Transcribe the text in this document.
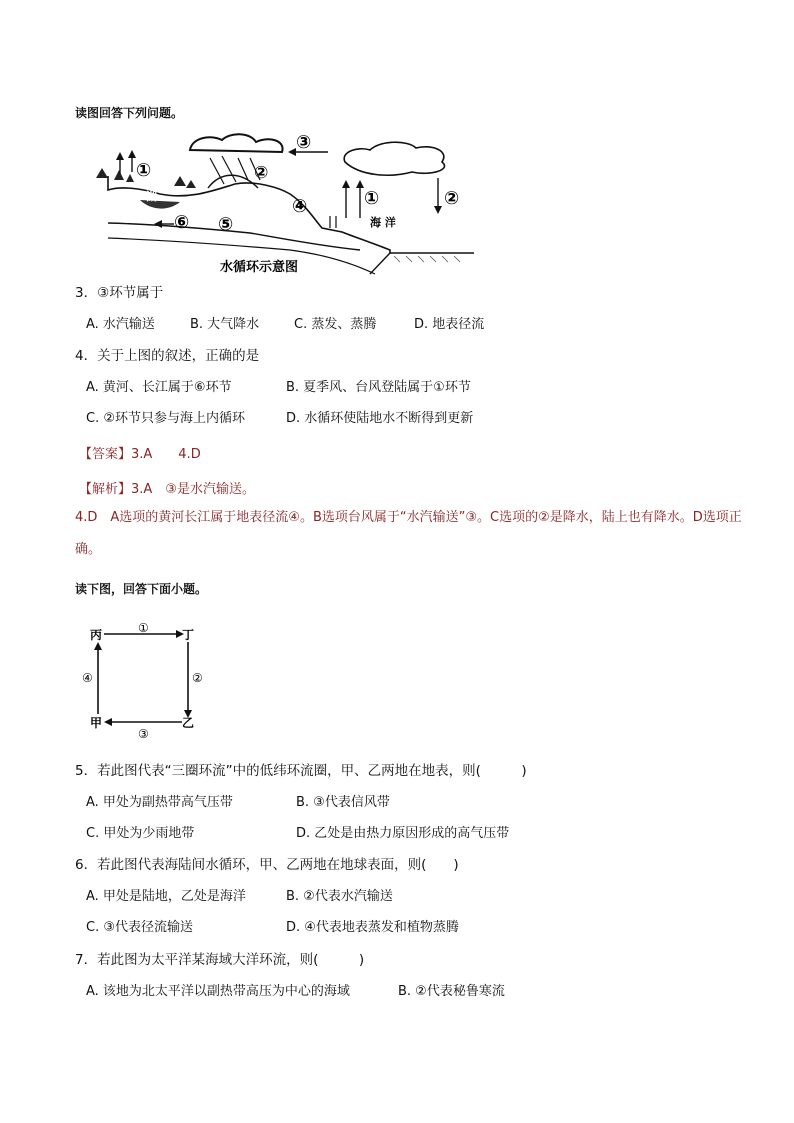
读图回答下列问题。
①	②
③
④
⑤
⑥
①	②
湖
海 洋
水循环示意图
3．③环节属于
A. 水汽输送	B. 大气降水	C. 蒸发、蒸腾	D. 地表径流
4．关于上图的叙述，正确的是
A. 黄河、长江属于⑥环节	B. 夏季风、台风登陆属于①环节
C. ②环节只参与海上内循环	D. 水循环使陆地水不断得到更新
【答案】3.A　　4.D
【解析】3.A　③是水汽输送。
4.D　A选项的黄河长江属于地表径流④。B选项台风属于“水汽输送”③。C选项的②是降水，陆上也有降水。D选项正确。
读下图，回答下面小题。
丙	丁
甲	乙
①
②
③
④
5．若此图代表“三圈环流”中的低纬环流圈，甲、乙两地在地表，则(　　　)
A. 甲处为副热带高气压带	B. ③代表信风带
C. 甲处为少雨地带	D. 乙处是由热力原因形成的高气压带
6．若此图代表海陆间水循环，甲、乙两地在地球表面，则(　　)
A. 甲处是陆地，乙处是海洋	B. ②代表水汽输送
C. ③代表径流输送	D. ④代表地表蒸发和植物蒸腾
7．若此图为太平洋某海域大洋环流，则(　　　)
A. 该地为北太平洋以副热带高压为中心的海域	B. ②代表秘鲁寒流
